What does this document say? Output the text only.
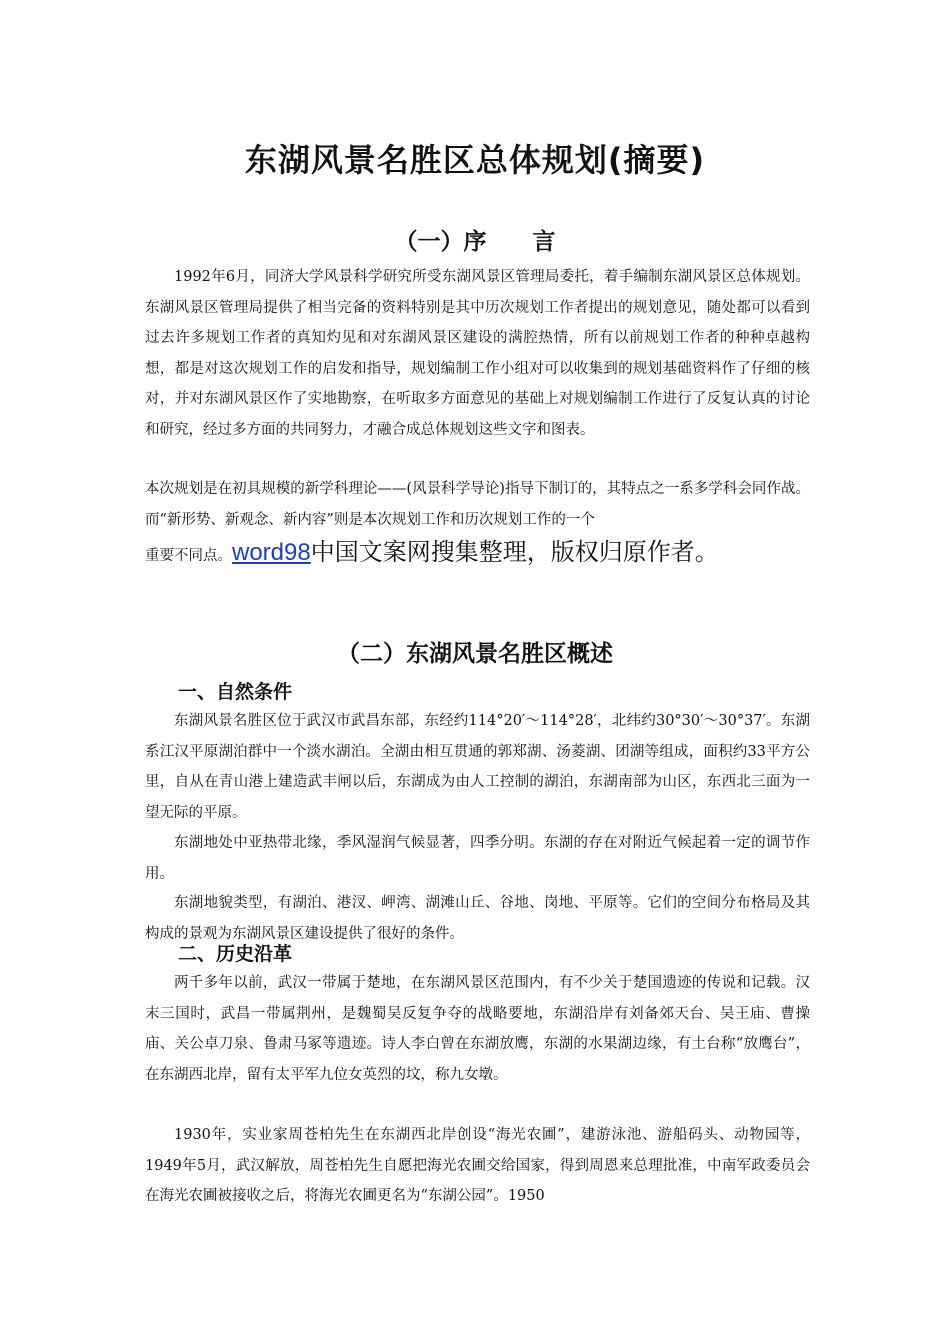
东湖风景名胜区总体规划(摘要)
（一）序　　言

1992年6月，同济大学风景科学研究所受东湖风景区管理局委托，着手编制东湖风景区总体规划。东湖风景区管理局提供了相当完备的资料特别是其中历次规划工作者提出的规划意见，随处都可以看到过去许多规划工作者的真知灼见和对东湖风景区建设的满腔热情，所有以前规划工作者的种种卓越构想，都是对这次规划工作的启发和指导，规划编制工作小组对可以收集到的规划基础资料作了仔细的核对，并对东湖风景区作了实地勘察，在听取多方面意见的基础上对规划编制工作进行了反复认真的讨论和研究，经过多方面的共同努力，才融合成总体规划这些文字和图表。

本次规划是在初具规模的新学科理论——(风景科学导论)指导下制订的，其特点之一系多学科会同作战。而“新形势、新观念、新内容”则是本次规划工作和历次规划工作的一个

重要不同点。word98中国文案网搜集整理，版权归原作者。
（二）东湖风景名胜区概述
一、自然条件

东湖风景名胜区位于武汉市武昌东部，东经约114°20′～114°28′，北纬约30°30′～30°37′。东湖系江汉平原湖泊群中一个淡水湖泊。全湖由相互贯通的郭郑湖、汤菱湖、团湖等组成，面积约33平方公里，自从在青山港上建造武丰闸以后，东湖成为由人工控制的湖泊，东湖南部为山区，东西北三面为一望无际的平原。

东湖地处中亚热带北缘，季风湿润气候显著，四季分明。东湖的存在对附近气候起着一定的调节作用。

东湖地貌类型，有湖泊、港汊、岬湾、湖滩山丘、谷地、岗地、平原等。它们的空间分布格局及其构成的景观为东湖风景区建设提供了很好的条件。

二、历史沿革

两千多年以前，武汉一带属于楚地，在东湖风景区范围内，有不少关于楚国遗迹的传说和记载。汉末三国时，武昌一带属荆州，是魏蜀吴反复争夺的战略要地，东湖沿岸有刘备郊天台、吴王庙、曹操庙、关公卓刀泉、鲁肃马冢等遗迹。诗人李白曾在东湖放鹰，东湖的水果湖边缘，有土台称“放鹰台”，在东湖西北岸，留有太平军九位女英烈的坟，称九女墩。

1930年，实业家周苍柏先生在东湖西北岸创设“海光农圃”，建游泳池、游船码头、动物园等，1949年5月，武汉解放，周苍柏先生自愿把海光农圃交给国家，得到周恩来总理批准，中南军政委员会在海光农圃被接收之后，将海光农圃更名为“东湖公园”。1950
